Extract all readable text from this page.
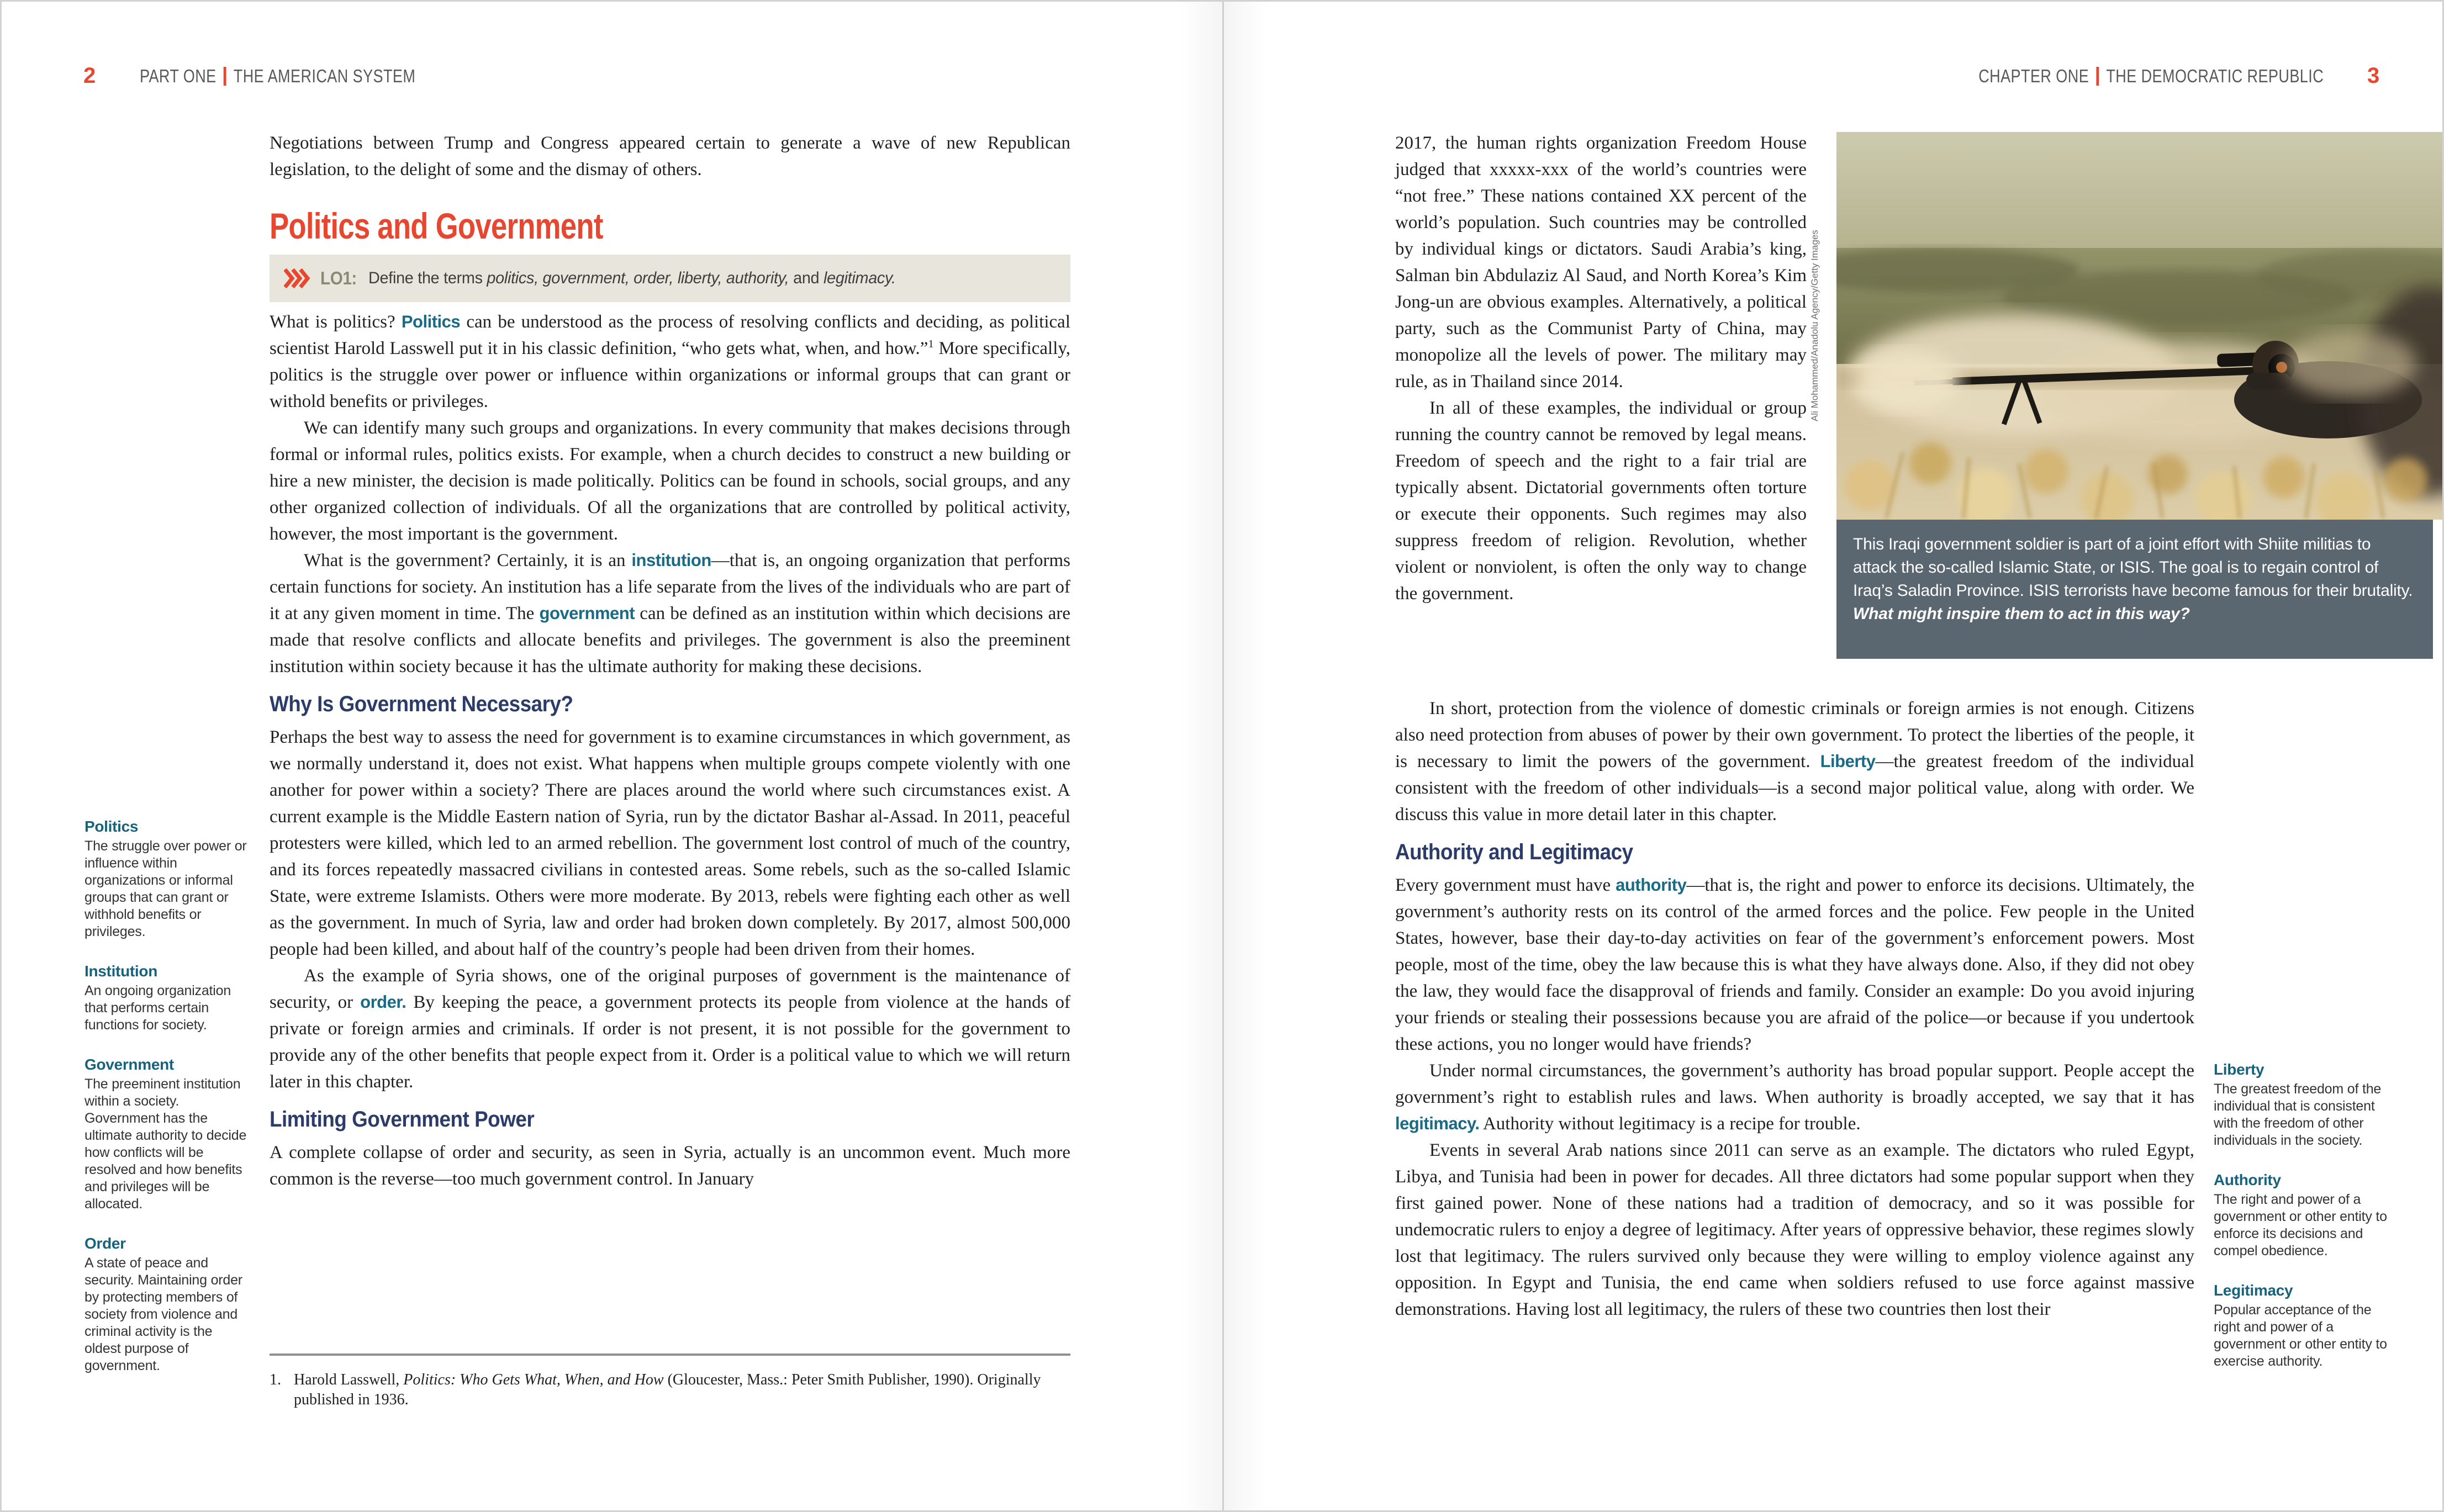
2 PART ONE THE AMERICAN SYSTEM

Negotiations between Trump and Congress appeared certain to generate a wave of new Republican legislation, to the delight of some and the dismay of others.

Politics and Government
LO1: Define the terms politics, government, order, liberty, authority, and legitimacy.

What is politics? Politics can be understood as the process of resolving conflicts and deciding, as political scientist Harold Lasswell put it in his classic definition, “who gets what, when, and how.”$^1$ More specifically, politics is the struggle over power or influence within organizations or informal groups that can grant or withold benefits or privileges.

We can identify many such groups and organizations. In every community that makes decisions through formal or informal rules, politics exists. For example, when a church decides to construct a new building or hire a new minister, the decision is made politically. Politics can be found in schools, social groups, and any other organized collection of individuals. Of all the organizations that are controlled by political activity, however, the most important is the government.

What is the government? Certainly, it is an institution—that is, an ongoing organization that performs certain functions for society. An institution has a life separate from the lives of the individuals who are part of it at any given moment in time. The government can be defined as an institution within which decisions are made that resolve conflicts and allocate benefits and privileges. The government is also the preeminent institution within society because it has the ultimate authority for making these decisions.

Why Is Government Necessary?

Perhaps the best way to assess the need for government is to examine circumstances in which government, as we normally understand it, does not exist. What happens when multiple groups compete violently with one another for power within a society? There are places around the world where such circumstances exist. A current example is the Middle Eastern nation of Syria, run by the dictator Bashar al-Assad. In 2011, peaceful protesters were killed, which led to an armed rebellion. The government lost control of much of the country, and its forces repeatedly massacred civilians in contested areas. Some rebels, such as the so-called Islamic State, were extreme Islamists. Others were more moderate. By 2013, rebels were fighting each other as well as the government. In much of Syria, law and order had broken down completely. By 2017, almost 500,000 people had been killed, and about half of the country’s people had been driven from their homes.

As the example of Syria shows, one of the original purposes of government is the maintenance of security, or order. By keeping the peace, a government protects its people from violence at the hands of private or foreign armies and criminals. If order is not present, it is not possible for the government to provide any of the other benefits that people expect from it. Order is a political value to which we will return later in this chapter.

Limiting Government Power

A complete collapse of order and security, as seen in Syria, actually is an uncommon event. Much more common is the reverse—too much government control. In January

1. Harold Lasswell, Politics: Who Gets What, When, and How (Gloucester, Mass.: Peter Smith Publisher, 1990). Originally published in 1936.
Politics
The struggle over power or influence within organizations or informal groups that can grant or withhold benefits or privileges.
Institution
An ongoing organization that performs certain functions for society.
Government
The preeminent institution within a society. Government has the ultimate authority to decide how conflicts will be resolved and how benefits and privileges will be allocated.
Order
A state of peace and security. Maintaining order by protecting members of society from violence and criminal activity is the oldest purpose of government.
CHAPTER ONE THE DEMOCRATIC REPUBLIC 3

2017, the human rights organization Freedom House judged that xxxxx-xxx of the world’s countries were “not free.” These nations contained XX percent of the world’s population. Such countries may be controlled by individual kings or dictators. Saudi Arabia’s king, Salman bin Abdulaziz Al Saud, and North Korea’s Kim Jong-un are obvious examples. Alternatively, a political party, such as the Communist Party of China, may monopolize all the levels of power. The military may rule, as in Thailand since 2014.

In all of these examples, the individual or group running the country cannot be removed by legal means. Freedom of speech and the right to a fair trial are typically absent. Dictatorial governments often torture or execute their opponents. Such regimes may also suppress freedom of religion. Revolution, whether violent or nonviolent, is often the only way to change the government.

Ali Mohammed/Anadolu Agency/Getty Images
This Iraqi government soldier is part of a joint effort with Shiite militias to attack the so-called Islamic State, or ISIS. The goal is to regain control of Iraq’s Saladin Province. ISIS terrorists have become famous for their brutality. What might inspire them to act in this way?

In short, protection from the violence of domestic criminals or foreign armies is not enough. Citizens also need protection from abuses of power by their own government. To protect the liberties of the people, it is necessary to limit the powers of the government. Liberty—the greatest freedom of the individual consistent with the freedom of other individuals—is a second major political value, along with order. We discuss this value in more detail later in this chapter.

Authority and Legitimacy

Every government must have authority—that is, the right and power to enforce its decisions. Ultimately, the government’s authority rests on its control of the armed forces and the police. Few people in the United States, however, base their day-to-day activities on fear of the government’s enforcement powers. Most people, most of the time, obey the law because this is what they have always done. Also, if they did not obey the law, they would face the disapproval of friends and family. Consider an example: Do you avoid injuring your friends or stealing their possessions because you are afraid of the police—or because if you undertook these actions, you no longer would have friends?

Under normal circumstances, the government’s authority has broad popular support. People accept the government’s right to establish rules and laws. When authority is broadly accepted, we say that it has legitimacy. Authority without legitimacy is a recipe for trouble.

Events in several Arab nations since 2011 can serve as an example. The dictators who ruled Egypt, Libya, and Tunisia had been in power for decades. All three dictators had some popular support when they first gained power. None of these nations had a tradition of democracy, and so it was possible for undemocratic rulers to enjoy a degree of legitimacy. After years of oppressive behavior, these regimes slowly lost that legitimacy. The rulers survived only because they were willing to employ violence against any opposition. In Egypt and Tunisia, the end came when soldiers refused to use force against massive demonstrations. Having lost all legitimacy, the rulers of these two countries then lost their

Liberty
The greatest freedom of the individual that is consistent with the freedom of other individuals in the society.
Authority
The right and power of a government or other entity to enforce its decisions and compel obedience.
Legitimacy
Popular acceptance of the right and power of a government or other entity to exercise authority.
